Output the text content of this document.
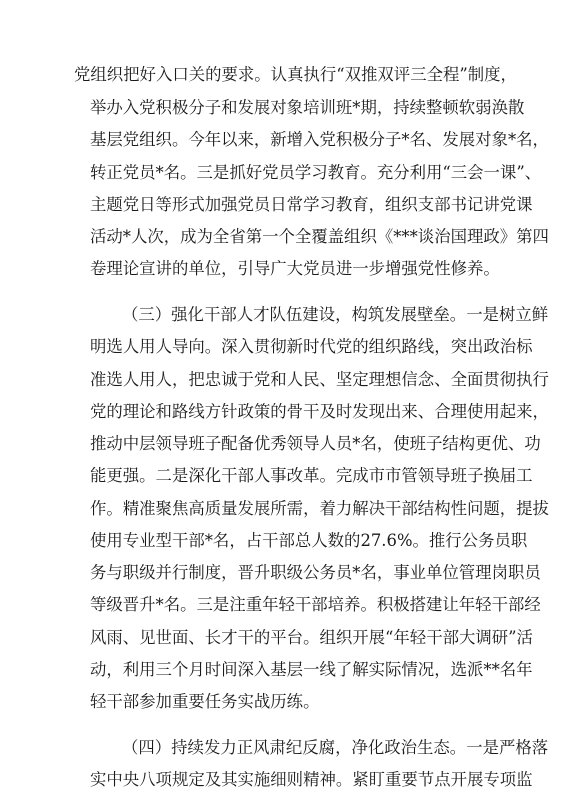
党组织把好入口关的要求。认真执行“双推双评三全程”制度，
举办入党积极分子和发展对象培训班*期，持续整顿软弱涣散
基层党组织。今年以来，新增入党积极分子*名、发展对象*名，
转正党员*名。三是抓好党员学习教育。充分利用“三会一课”、
主题党日等形式加强党员日常学习教育，组织支部书记讲党课
活动*人次，成为全省第一个全覆盖组织《***谈治国理政》第四
卷理论宣讲的单位，引导广大党员进一步增强党性修养。
（三）强化干部人才队伍建设，构筑发展壁垒。一是树立鲜
明选人用人导向。深入贯彻新时代党的组织路线，突出政治标
准选人用人，把忠诚于党和人民、坚定理想信念、全面贯彻执行
党的理论和路线方针政策的骨干及时发现出来、合理使用起来，
推动中层领导班子配备优秀领导人员*名，使班子结构更优、功
能更强。二是深化干部人事改革。完成市市管领导班子换届工
作。精准聚焦高质量发展所需，着力解决干部结构性问题，提拔
使用专业型干部*名，占干部总人数的27.6%。推行公务员职
务与职级并行制度，晋升职级公务员*名，事业单位管理岗职员
等级晋升*名。三是注重年轻干部培养。积极搭建让年轻干部经
风雨、见世面、长才干的平台。组织开展“年轻干部大调研”活
动，利用三个月时间深入基层一线了解实际情况，选派**名年
轻干部参加重要任务实战历练。
（四）持续发力正风肃纪反腐，净化政治生态。一是严格落
实中央八项规定及其实施细则精神。紧盯重要节点开展专项监
